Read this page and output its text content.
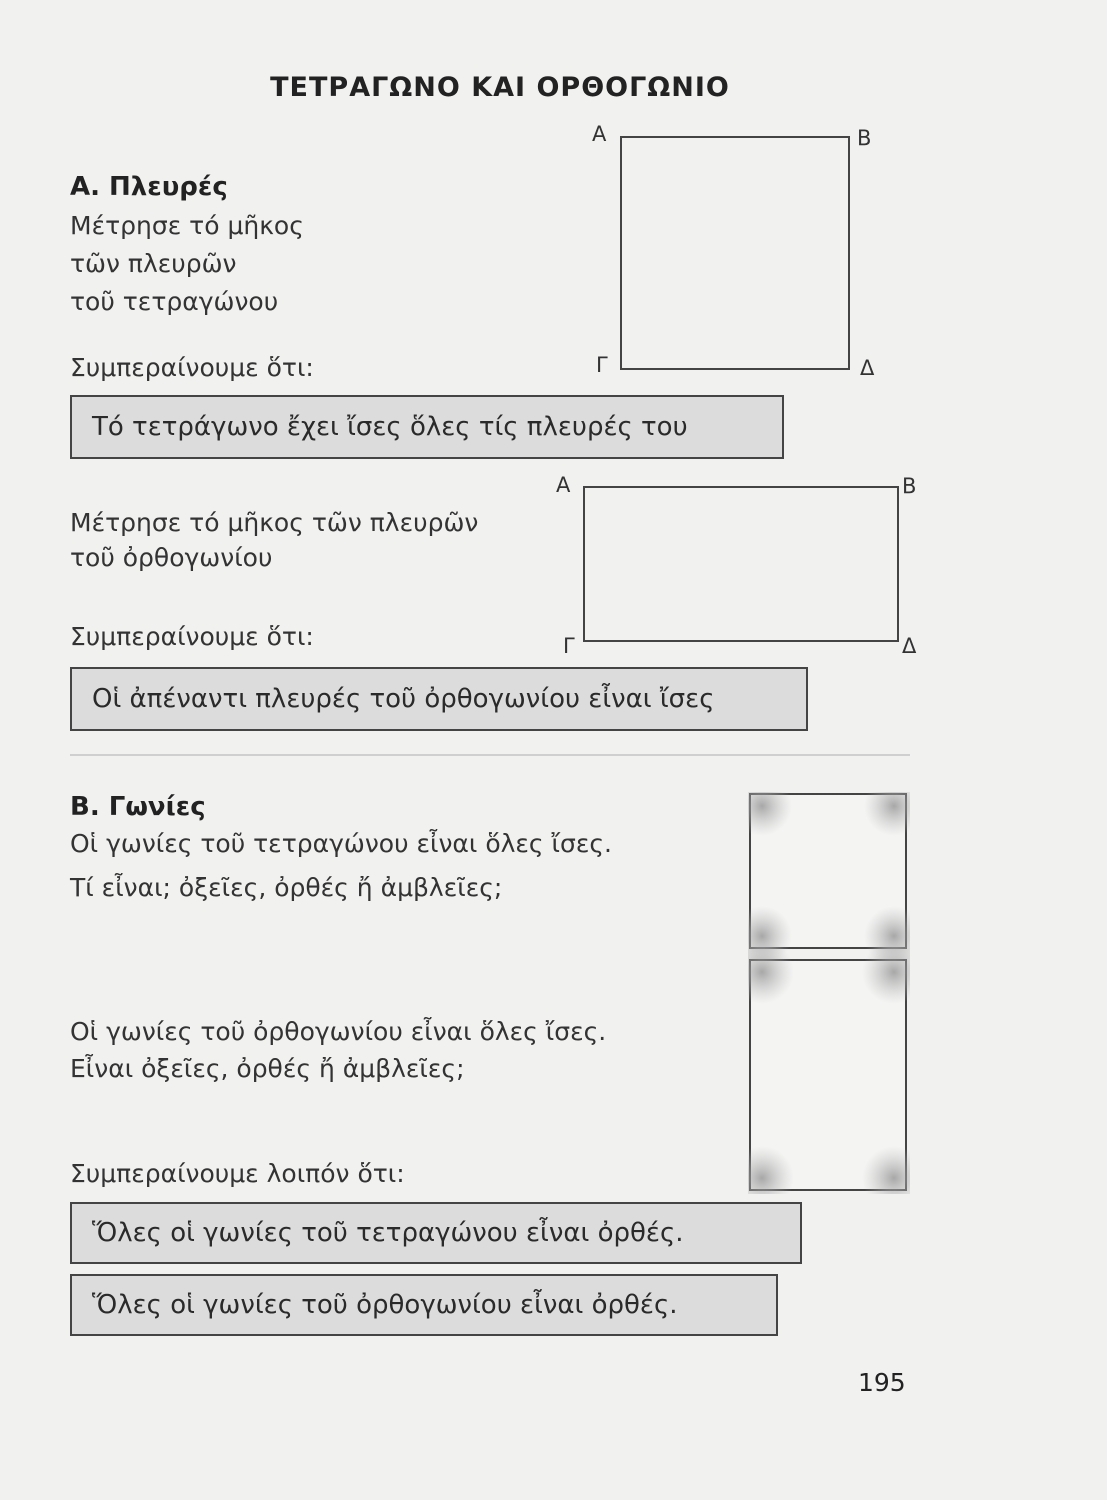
ΤΕΤΡΑΓΩΝΟ ΚΑΙ ΟΡΘΟΓΩΝΙΟ
Α. Πλευρές
Μέτρησε τό μῆκος
τῶν πλευρῶν
τοῦ τετραγώνου
Συμπεραίνουμε ὅτι:
Α	Β
Γ	Δ
Τό τετράγωνο ἔχει ἴσες ὅλες τίς πλευρές του
Μέτρησε τό μῆκος τῶν πλευρῶν
τοῦ ὀρθογωνίου
Συμπεραίνουμε ὅτι:
Α	Β
Γ	Δ
Οἱ ἀπέναντι πλευρές τοῦ ὀρθογωνίου εἶναι ἴσες
Β. Γωνίες
Οἱ γωνίες τοῦ τετραγώνου εἶναι ὅλες ἴσες.
Τί εἶναι; ὀξεῖες, ὀρθές ἤ ἀμβλεῖες;
Οἱ γωνίες τοῦ ὀρθογωνίου εἶναι ὅλες ἴσες.
Εἶναι ὀξεῖες, ὀρθές ἤ ἀμβλεῖες;
Συμπεραίνουμε λοιπόν ὅτι:
Ὅλες οἱ γωνίες τοῦ τετραγώνου εἶναι ὀρθές.
Ὅλες οἱ γωνίες τοῦ ὀρθογωνίου εἶναι ὀρθές.
195
